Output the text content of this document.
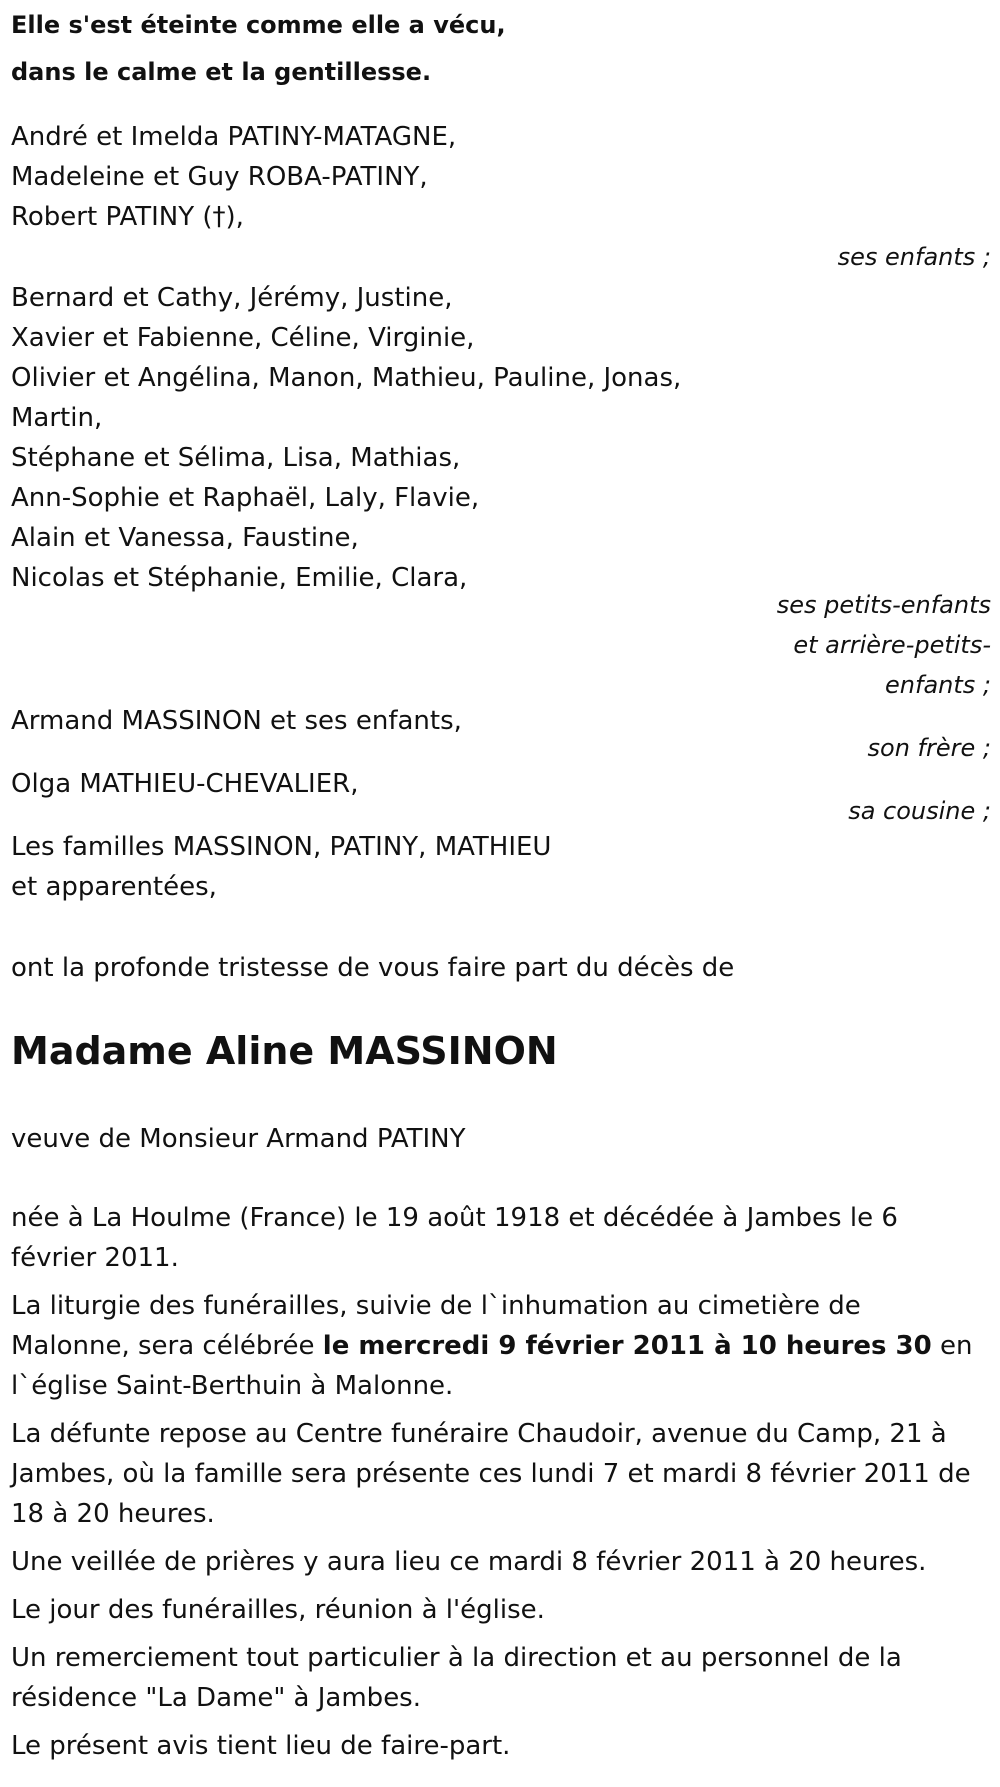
Elle s'est éteinte comme elle a vécu,

dans le calme et la gentillesse.

André et Imelda PATINY-MATAGNE,

Madeleine et Guy ROBA-PATINY,

Robert PATINY (†),

ses enfants ;

Bernard et Cathy, Jérémy, Justine,

Xavier et Fabienne, Céline, Virginie,

Olivier et Angélina, Manon, Mathieu, Pauline, Jonas,

Martin,

Stéphane et Sélima, Lisa, Mathias,

Ann-Sophie et Raphaël, Laly, Flavie,

Alain et Vanessa, Faustine,

Nicolas et Stéphanie, Emilie, Clara,

ses petits-enfants
et arrière-petits-
enfants ;

Armand MASSINON et ses enfants,

son frère ;

Olga MATHIEU-CHEVALIER,

sa cousine ;

Les familles MASSINON, PATINY, MATHIEU

et apparentées,

ont la profonde tristesse de vous faire part du décès de

Madame Aline MASSINON

veuve de Monsieur Armand PATINY

née à La Houlme (France) le 19 août 1918 et décédée à Jambes le 6 février 2011.

La liturgie des funérailles, suivie de l`inhumation au cimetière de Malonne, sera célébrée le mercredi 9 février 2011 à 10 heures 30 en l`église Saint-Berthuin à Malonne.

La défunte repose au Centre funéraire Chaudoir, avenue du Camp, 21 à Jambes, où la famille sera présente ces lundi 7 et mardi 8 février 2011 de 18 à 20 heures.

Une veillée de prières y aura lieu ce mardi 8 février 2011 à 20 heures.

Le jour des funérailles, réunion à l'église.

Un remerciement tout particulier à la direction et au personnel de la résidence "La Dame" à Jambes.

Le présent avis tient lieu de faire-part.
